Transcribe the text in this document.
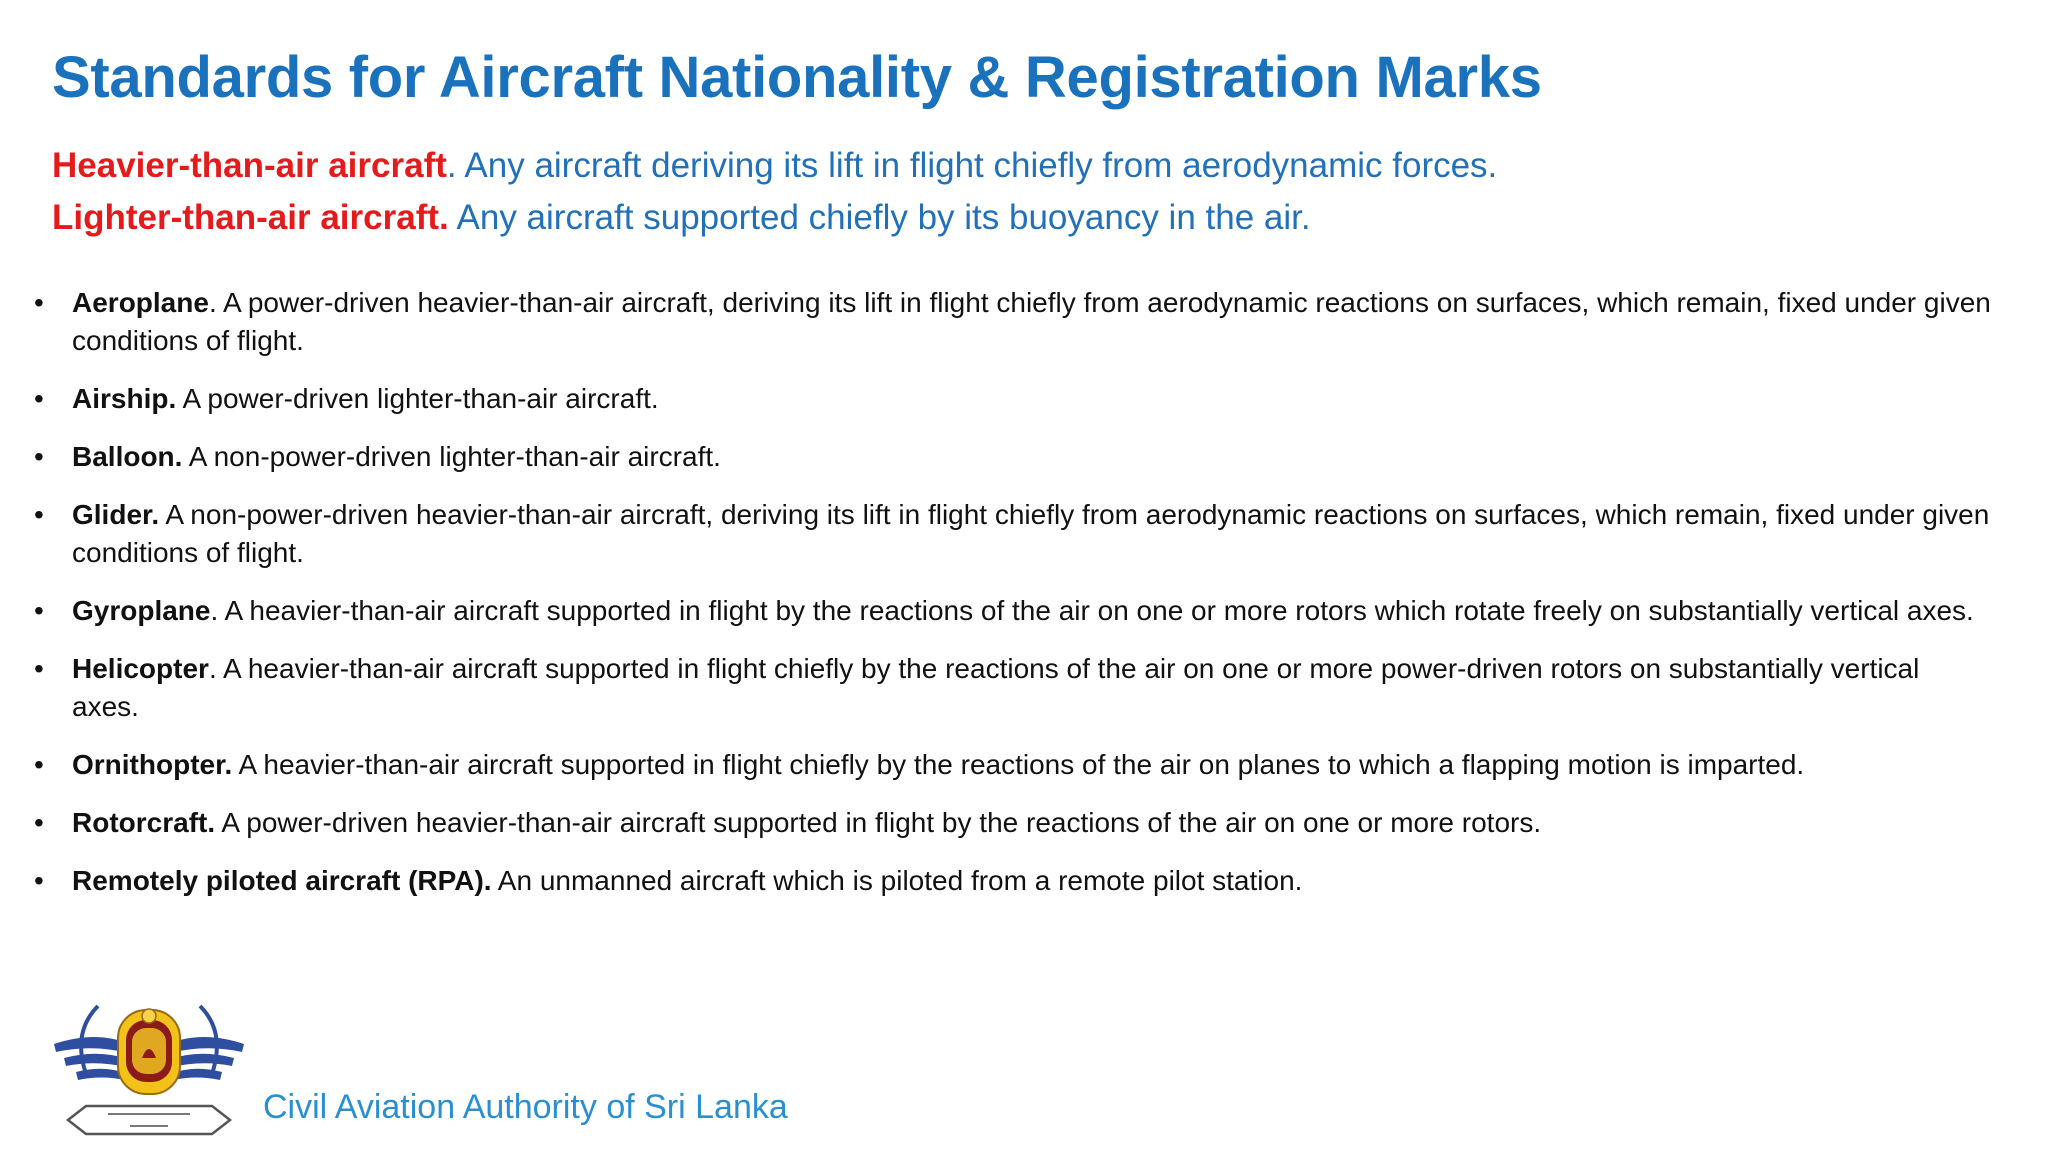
Standards for Aircraft Nationality & Registration Marks
Heavier-than-air aircraft. Any aircraft deriving its lift in flight chiefly from aerodynamic forces.
Lighter-than-air aircraft. Any aircraft supported chiefly by its buoyancy in the air.
• Aeroplane. A power-driven heavier-than-air aircraft, deriving its lift in flight chiefly from aerodynamic reactions on surfaces, which remain, fixed under given conditions of flight.
• Airship. A power-driven lighter-than-air aircraft.
• Balloon. A non-power-driven lighter-than-air aircraft.
• Glider. A non-power-driven heavier-than-air aircraft, deriving its lift in flight chiefly from aerodynamic reactions on surfaces, which remain, fixed under given conditions of flight.
• Gyroplane. A heavier-than-air aircraft supported in flight by the reactions of the air on one or more rotors which rotate freely on substantially vertical axes.
• Helicopter. A heavier-than-air aircraft supported in flight chiefly by the reactions of the air on one or more power-driven rotors on substantially vertical axes.
• Ornithopter. A heavier-than-air aircraft supported in flight chiefly by the reactions of the air on planes to which a flapping motion is imparted.
• Rotorcraft. A power-driven heavier-than-air aircraft supported in flight by the reactions of the air on one or more rotors.
• Remotely piloted aircraft (RPA). An unmanned aircraft which is piloted from a remote pilot station.
Civil Aviation Authority of Sri Lanka
